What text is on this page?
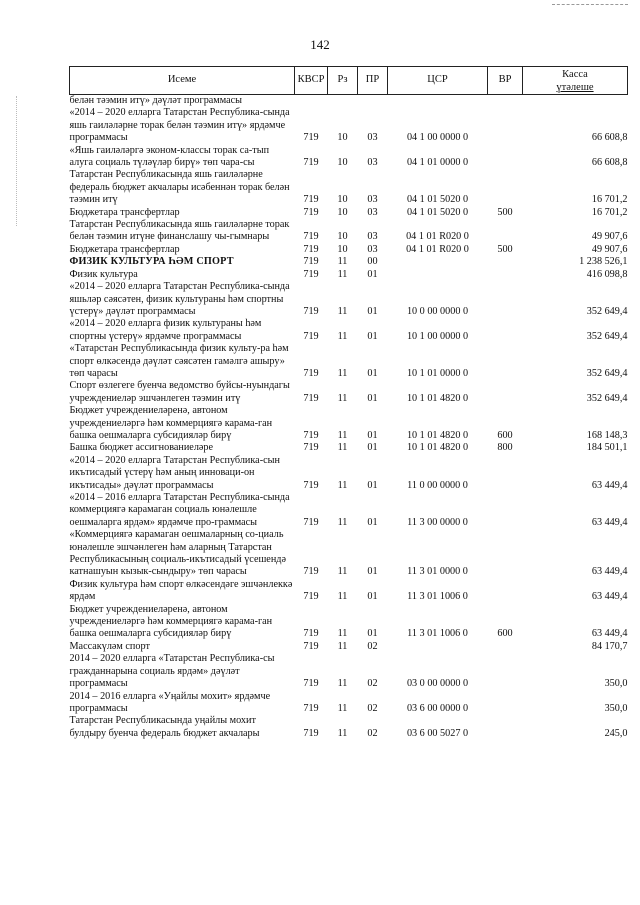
142
Исеме	КВСР	Рз	ПР	ЦСР	ВР	Касса
үтәлеше

белән тәэмин итү» дәүләт программасы						
«2014 – 2020 елларга Татарстан Республика-сында яшь гаиләләрне торак белән тәэмин итү» ярдәмче программасы	719	10	03	04 1 00 0000 0		66 608,8
«Яшь гаиләләргә эконом-классы торак са-тып алуга социаль түләүләр бирү» төп чара-сы	719	10	03	04 1 01 0000 0		66 608,8
Татарстан Республикасында яшь гаиләләрне федераль бюджет акчалары исәбеннән торак белән тәэмин итү	719	10	03	04 1 01 5020 0		16 701,2
Бюджетара трансфертлар	719	10	03	04 1 01 5020 0	500	16 701,2
Татарстан Республикасында яшь гаиләләрне торак белән тәэмин итүне финанслашу чы-гымнары	719	10	03	04 1 01 R020 0		49 907,6
Бюджетара трансфертлар	719	10	03	04 1 01 R020 0	500	49 907,6
ФИЗИК КУЛЬТУРА ҺӘМ СПОРТ	719	11	00			1 238 526,1
Физик культура	719	11	01			416 098,8
«2014 – 2020 елларга Татарстан Республика-сында яшьләр сәясәтен, физик культураны һәм спортны үстерү» дәүләт программасы	719	11	01	10 0 00 0000 0		352 649,4
«2014 – 2020 елларга физик культураны һәм спортны үстерү» ярдәмче программасы	719	11	01	10 1 00 0000 0		352 649,4
«Татарстан Республикасында физик культу-ра һәм спорт өлкәсендә дәүләт сәясәтен гамәлгә ашыру» төп чарасы	719	11	01	10 1 01 0000 0		352 649,4
Спорт өзлегеге буенча ведомство буйсы-нуындагы учреждениеләр эшчәнлеген тәэмин итү	719	11	01	10 1 01 4820 0		352 649,4
Бюджет учреждениеләренә, автоном учреждениеләргә һәм коммерциягә карама-ган башка оешмаларга субсидияләр бирү	719	11	01	10 1 01 4820 0	600	168 148,3
Башка бюджет ассигнованиеләре	719	11	01	10 1 01 4820 0	800	184 501,1
«2014 – 2020 елларга Татарстан Республика-сын икътисадый үстерү һәм аның инноваци-он икътисады» дәүләт программасы	719	11	01	11 0 00 0000 0		63 449,4
«2014 – 2016 елларга Татарстан Республика-сында коммерциягә карамаган социаль юнәлешле оешмаларга ярдәм» ярдәмче про-граммасы	719	11	01	11 3 00 0000 0		63 449,4
«Коммерциягә карамаган оешмаларның со-циаль юнәлешле эшчәнлеген һәм аларның Татарстан Республикасының социаль-икътисадый үсешендә катнашуын кызык-сындыру» төп чарасы	719	11	01	11 3 01 0000 0		63 449,4
Физик культура һәм спорт өлкәсендәге эшчәнлеккә ярдәм	719	11	01	11 3 01 1006 0		63 449,4
Бюджет учреждениеләренә, автоном учреждениеләргә һәм коммерциягә карама-ган башка оешмаларга субсидияләр бирү	719	11	01	11 3 01 1006 0	600	63 449,4
Массакүләм спорт	719	11	02			84 170,7
2014 – 2020 елларга «Татарстан Республика-сы гражданнарына социаль ярдәм» дәүләт программасы	719	11	02	03 0 00 0000 0		350,0
2014 – 2016 елларга «Уңайлы мохит» ярдәмче программасы	719	11	02	03 6 00 0000 0		350,0
Татарстан Республикасында уңайлы мохит булдыру буенча федераль бюджет акчалары	719	11	02	03 6 00 5027 0		245,0
